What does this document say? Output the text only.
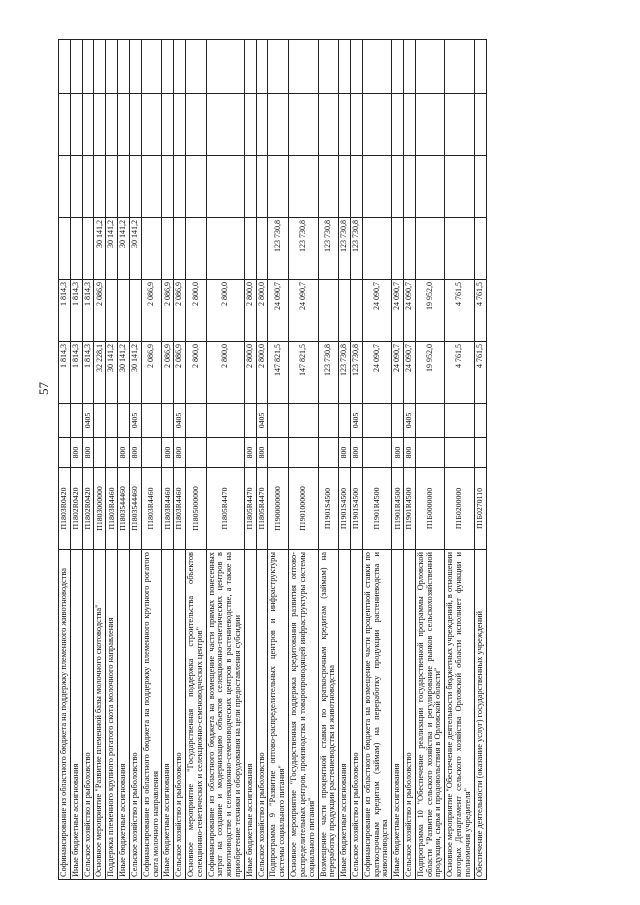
57
Софинансирование из областного бюджета на поддержку племенного животноводства	П1803R0420			1 814,3	1 814,3				
Иные бюджетные ассигнования	П1802R0420	800		1 814,3	1 814,3				
Сельское хозяйство и рыболовство	П1802R0420	800	0405	1 814,3	1 814,3				
Основное мероприятие "Развитие племенной базы молочного скотоводства"	П1803000000			32 228,1	2 086,9	30 141,2			
Поддержка племенного крупного рогатого скота молочного направления	П1803R4460			30 141,2		30 141,2			
Иные бюджетные ассигнования	П1803544460	800		30 141,2		30 141,2			
Сельское хозяйство и рыболовство	П1803544460	800	0405	30 141,2		30 141,2			
Софинансирование из областного бюджета на поддержку племенного крупного рогатого скота молочного направления	П1803R4460			2 086,9	2 086,9				
Иные бюджетные ассигнования	П1803R4460	800		2 086,9	2 086,9				
Сельское хозяйство и рыболовство	П1803R4460	800	0405	2 086,9	2 086,9				
Основное мероприятие "Государственная поддержка строительства объектов селекционно-генетических и селекционно-семеноводческих центров"	П1805000000			2 800,0	2 800,0				
Софинансирование из областного бюджета на возмещение части прямых понесенных затрат на создание и модернизацию объектов селекционно-генетических центров в животноводстве и селекционно-семеноводческих центров в растениеводстве, а также на приобретение техники и оборудования на цели предоставления субсидии	П1805R4470			2 800,0	2 800,0				
Иные бюджетные ассигнования	П1805R4470	800		2 800,0	2 800,0				
Сельское хозяйство и рыболовство	П1805R4470	800	0405	2 800,0	2 800,0				
Подпрограмма 9 "Развитие оптово-распределительных центров и инфраструктуры системы социального питания"	П1900000000			147 821,5	24 090,7	123 730,8			
Основное мероприятие "Государственная поддержка кредитования развития оптово-распределительных центров, производства и товаропроводящей инфраструктуры системы социального питания"	П1901000000			147 821,5	24 090,7	123 730,8			
Возмещение части процентной ставки по краткосрочным кредитам (займам) на переработку продукции растениеводства и животноводства	П1901S4500			123 730,8		123 730,8			
Иные бюджетные ассигнования	П1901S4500	800		123 730,8		123 730,8			
Сельское хозяйство и рыболовство	П1901S4500	800	0405	123 730,8		123 730,8			
Софинансирование из областного бюджета на возмещение части процентной ставки по краткосрочным кредитам (займам) на переработку продукции растениеводства и животноводства	П1901R4500			24 090,7	24 090,7				
Иные бюджетные ассигнования	П1901R4500	800		24 090,7	24 090,7				
Сельское хозяйство и рыболовство	П1901R4500	800	0405	24 090,7	24 090,7				
Подпрограмма 10 "Обеспечение реализации государственной программы Орловской области "Развитие сельского хозяйства и регулирование рынков сельскохозяйственной продукции, сырья и продовольствия в Орловской области"	П1Б0000000			19 952,0	19 952,0				
Основное мероприятие "Обеспечение деятельности бюджетных учреждений, в отношении которых Департамент сельского хозяйства Орловской области исполняет функции и полномочия учредителя"	П1Б0200000			4 761,5	4 761,5				
Обеспечение деятельности (оказание услуг) государственных учреждений	П1Б0270110			4 761,5	4 761,5				
